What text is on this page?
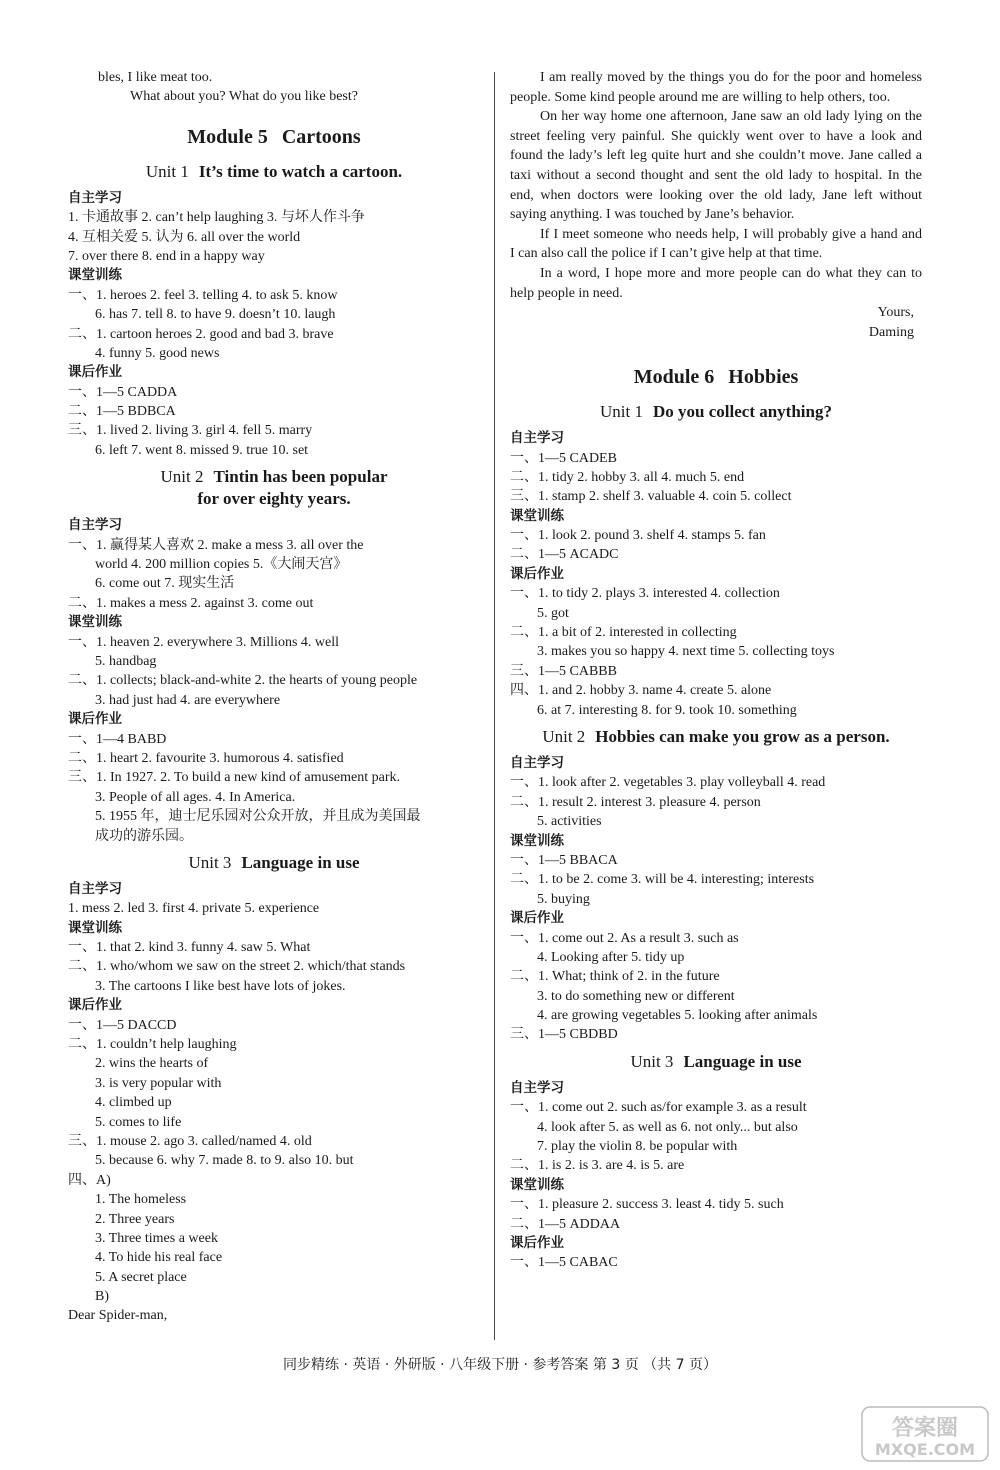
bles, I like meat too.
What about you? What do you like best?
Module 5 Cartoons
Unit 1 It’s time to watch a cartoon.
自主学习
1. 卡通故事 2. can’t help laughing 3. 与坏人作斗争
4. 互相关爱 5. 认为 6. all over the world
7. over there 8. end in a happy way
课堂训练
一、1. heroes 2. feel 3. telling 4. to ask 5. know
6. has 7. tell 8. to have 9. doesn’t 10. laugh
二、1. cartoon heroes 2. good and bad 3. brave
4. funny 5. good news
课后作业
一、1—5 CADDA
二、1—5 BDBCA
三、1. lived 2. living 3. girl 4. fell 5. marry
6. left 7. went 8. missed 9. true 10. set
Unit 2 Tintin has been popular
for over eighty years.
自主学习
一、1. 赢得某人喜欢 2. make a mess 3. all over the
world 4. 200 million copies 5.《大闹天宫》
6. come out 7. 现实生活
二、1. makes a mess 2. against 3. come out
课堂训练
一、1. heaven 2. everywhere 3. Millions 4. well
5. handbag
二、1. collects; black-and-white 2. the hearts of young people
3. had just had 4. are everywhere
课后作业
一、1—4 BABD
二、1. heart 2. favourite 3. humorous 4. satisfied
三、1. In 1927. 2. To build a new kind of amusement park.
3. People of all ages. 4. In America.
5. 1955 年，迪士尼乐园对公众开放，并且成为美国最
成功的游乐园。
Unit 3 Language in use
自主学习
1. mess 2. led 3. first 4. private 5. experience
课堂训练
一、1. that 2. kind 3. funny 4. saw 5. What
二、1. who/whom we saw on the street 2. which/that stands
3. The cartoons I like best have lots of jokes.
课后作业
一、1—5 DACCD
二、1. couldn’t help laughing
2. wins the hearts of
3. is very popular with
4. climbed up
5. comes to life
三、1. mouse 2. ago 3. called/named 4. old
5. because 6. why 7. made 8. to 9. also 10. but
四、A)
1. The homeless
2. Three years
3. Three times a week
4. To hide his real face
5. A secret place
B)
Dear Spider-man,

I am really moved by the things you do for the poor and homeless people. Some kind people around me are willing to help others, too.

On her way home one afternoon, Jane saw an old lady lying on the street feeling very painful. She quickly went over to have a look and found the lady’s left leg quite hurt and she couldn’t move. Jane called a taxi without a second thought and sent the old lady to hospital. In the end, when doctors were looking over the old lady, Jane left without saying anything. I was touched by Jane’s behavior.

If I meet someone who needs help, I will probably give a hand and I can also call the police if I can’t give help at that time.

In a word, I hope more and more people can do what they can to help people in need.

Yours,
Daming
Module 6 Hobbies
Unit 1 Do you collect anything?
自主学习
一、1—5 CADEB
二、1. tidy 2. hobby 3. all 4. much 5. end
三、1. stamp 2. shelf 3. valuable 4. coin 5. collect
课堂训练
一、1. look 2. pound 3. shelf 4. stamps 5. fan
二、1—5 ACADC
课后作业
一、1. to tidy 2. plays 3. interested 4. collection
5. got
二、1. a bit of 2. interested in collecting
3. makes you so happy 4. next time 5. collecting toys
三、1—5 CABBB
四、1. and 2. hobby 3. name 4. create 5. alone
6. at 7. interesting 8. for 9. took 10. something
Unit 2 Hobbies can make you grow as a person.
自主学习
一、1. look after 2. vegetables 3. play volleyball 4. read
二、1. result 2. interest 3. pleasure 4. person
5. activities
课堂训练
一、1—5 BBACA
二、1. to be 2. come 3. will be 4. interesting; interests
5. buying
课后作业
一、1. come out 2. As a result 3. such as
4. Looking after 5. tidy up
二、1. What; think of 2. in the future
3. to do something new or different
4. are growing vegetables 5. looking after animals
三、1—5 CBDBD
Unit 3 Language in use
自主学习
一、1. come out 2. such as/for example 3. as a result
4. look after 5. as well as 6. not only... but also
7. play the violin 8. be popular with
二、1. is 2. is 3. are 4. is 5. are
课堂训练
一、1. pleasure 2. success 3. least 4. tidy 5. such
二、1—5 ADDAA
课后作业
一、1—5 CABAC
同步精练 · 英语 · 外研版 · 八年级下册 · 参考答案 第 3 页 （共 7 页）
答案圈
MXQE.COM
